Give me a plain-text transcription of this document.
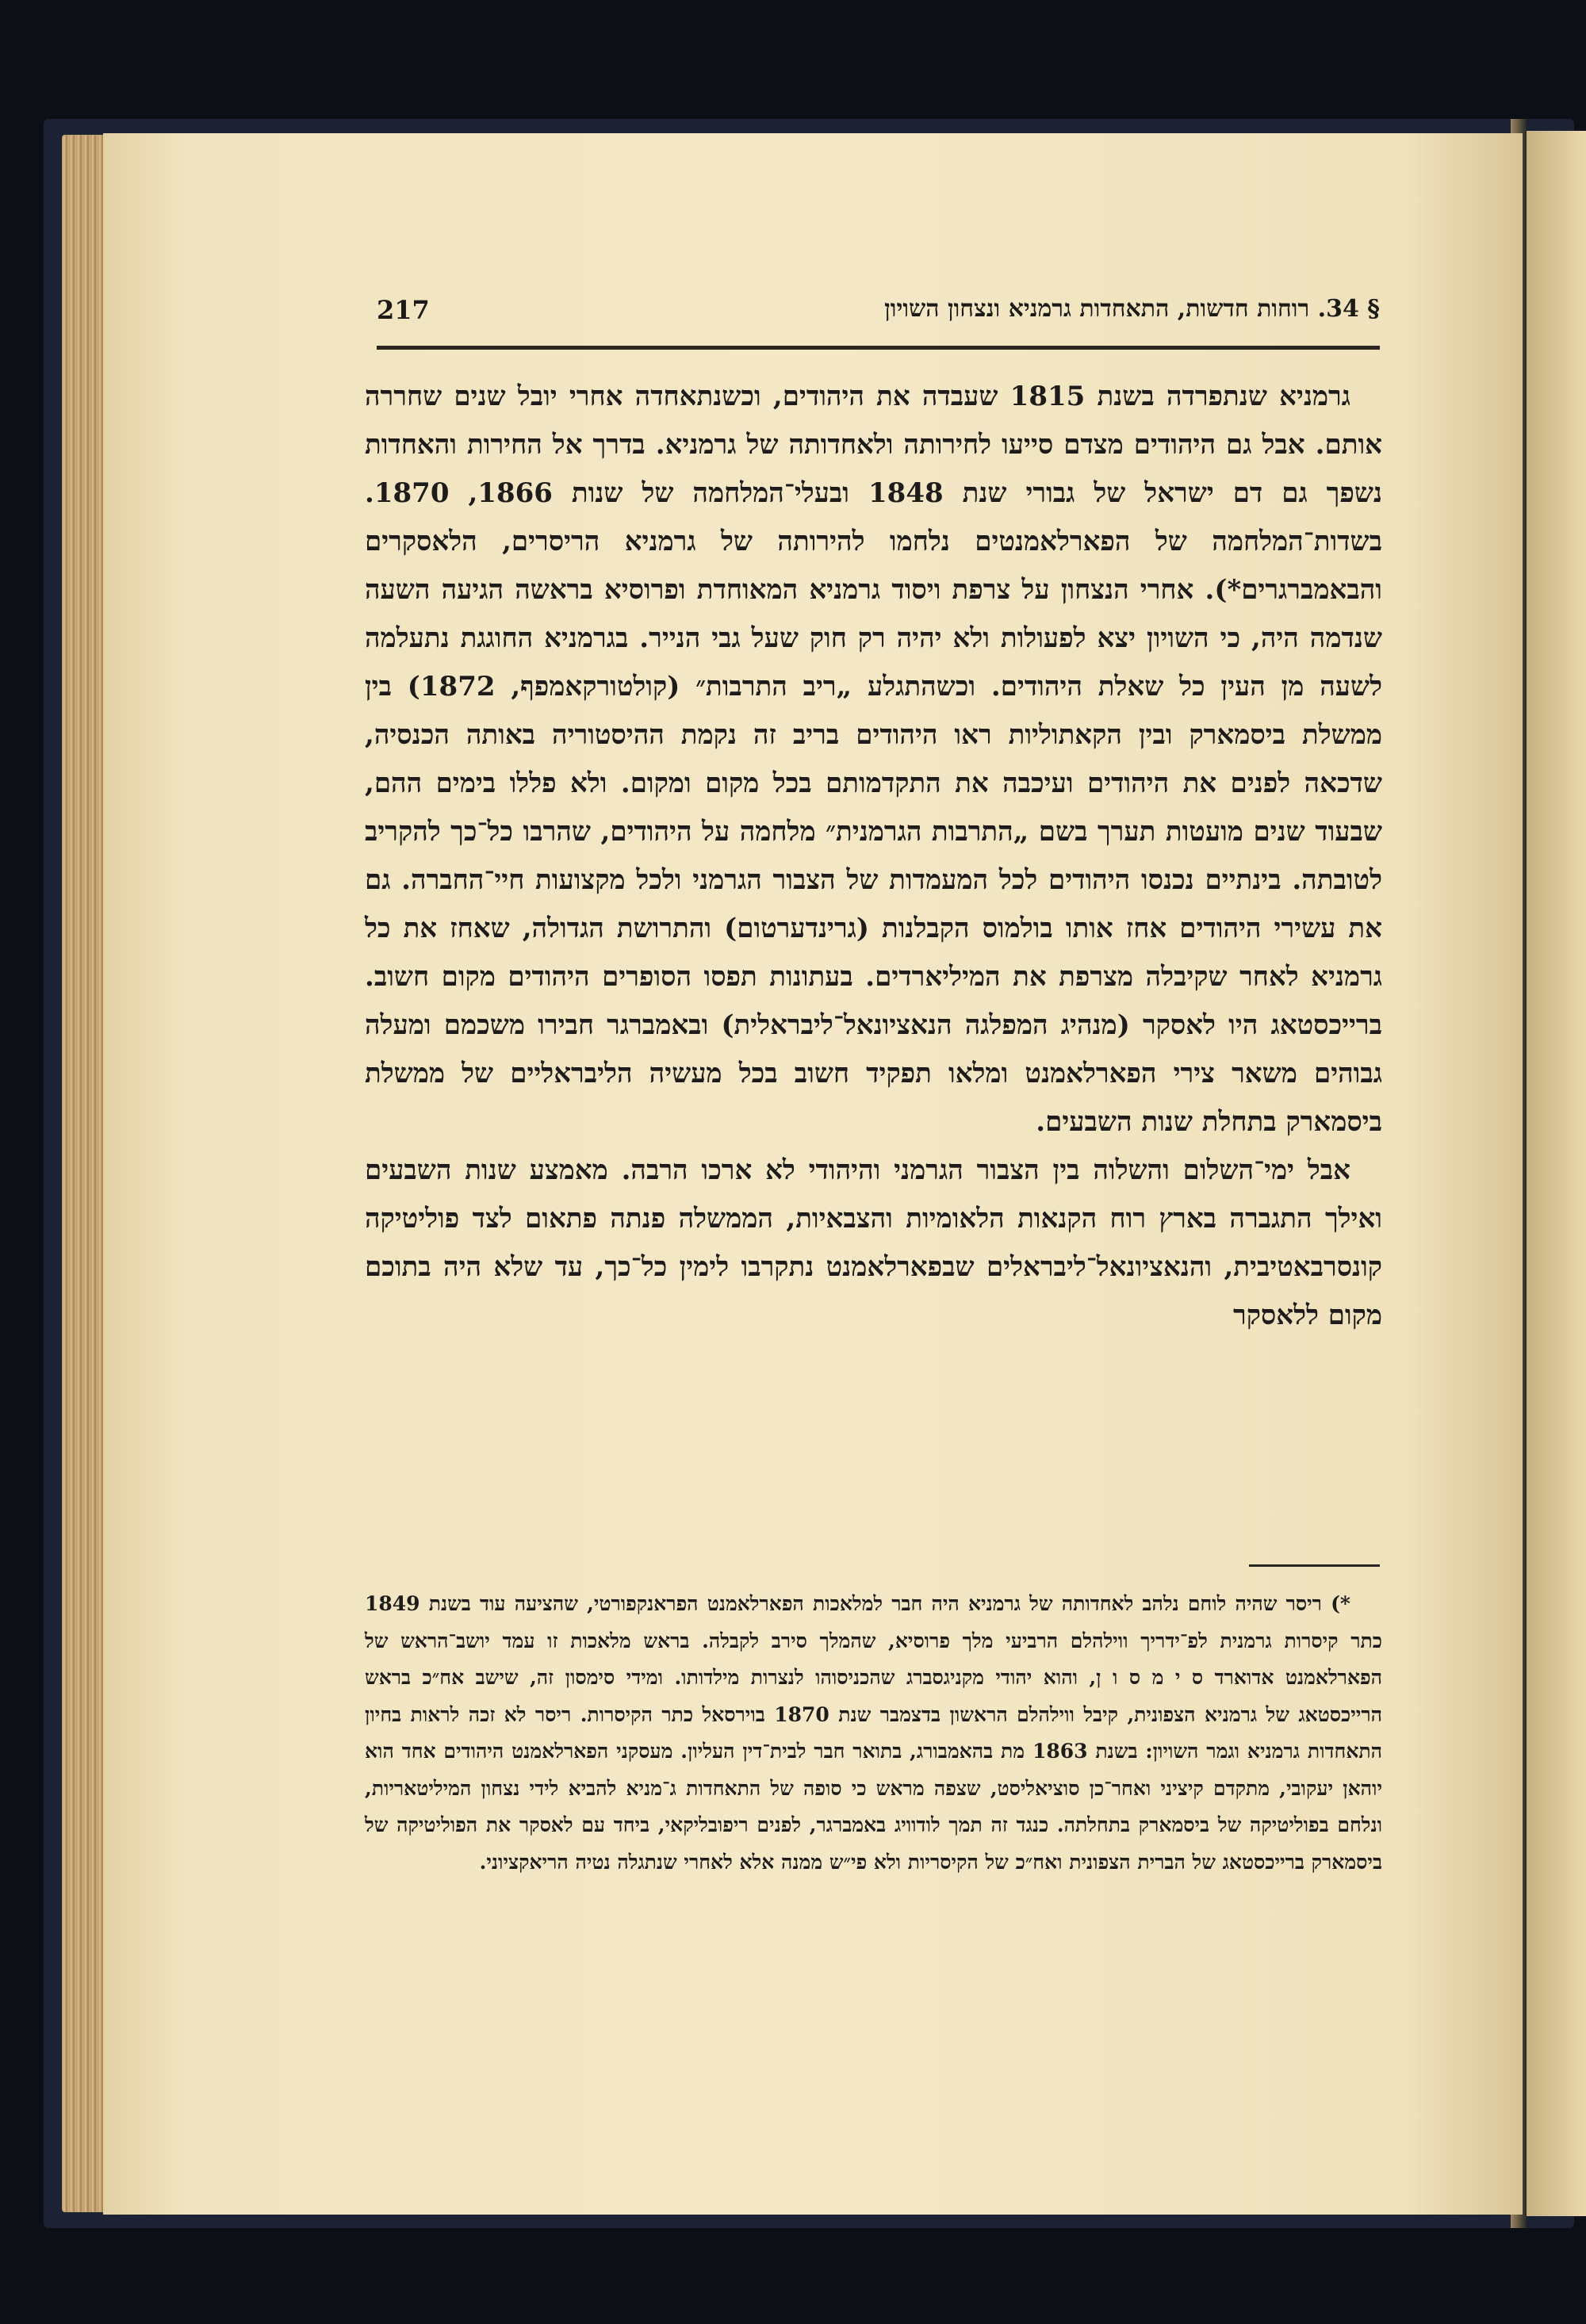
§ 34. רוחות חדשות, התאחדות גרמניא ונצחון השויון
217

גרמניא שנתפרדה בשנת 1815 שעבדה את היהודים, וכשנתאחדה אחרי יובל שנים שחררה אותם. אבל גם היהודים מצדם סייעו לחירותה ולאחדותה של גרמניא. בדרך אל החירות והאחדות נשפך גם דם ישראל של גבורי שנת 1848 ובעלי־המלחמה של שנות 1866, 1870. בשדות־המלחמה של הפארלאמנטים נלחמו להירותה של גרמניא הריסרים, הלאסקרים והבאמברגרים*). אחרי הנצחון על צרפת ויסוד גרמניא המאוחדת ופרוסיא בראשה הגיעה השעה שנדמה היה, כי השויון יצא לפעולות ולא יהיה רק חוק שעל גבי הנייר. בגרמניא החוגגת נתעלמה לשעה מן העין כל שאלת היהודים. וכשהתגלע „ריב התרבות״ (קולטורקאמפף, 1872) בין ממשלת ביסמארק ובין הקאתוליות ראו היהודים בריב זה נקמת ההיסטוריה באותה הכנסיה, שדכאה לפנים את היהודים ועיכבה את התקדמותם בכל מקום ומקום. ולא פללו בימים ההם, שבעוד שנים מועטות תערך בשם „התרבות הגרמנית״ מלחמה על היהודים, שהרבו כל־כך להקריב לטובתה. בינתיים נכנסו היהודים לכל המעמדות של הצבור הגרמני ולכל מקצועות חיי־החברה. גם את עשירי היהודים אחז אותו בולמוס הקבלנות (גרינדערטום) והתרושת הגדולה, שאחז את כל גרמניא לאחר שקיבלה מצרפת את המיליארדים. בעתונות תפסו הסופרים היהודים מקום חשוב. ברייכסטאג היו לאסקר (מנהיג המפלגה הנאציונאל־ליבראלית) ובאמברגר חבירו משכמם ומעלה גבוהים משאר צירי הפארלאמנט ומלאו תפקיד חשוב בכל מעשיה הליבראליים של ממשלת ביסמארק בתחלת שנות השבעים.

אבל ימי־השלום והשלוה בין הצבור הגרמני והיהודי לא ארכו הרבה. מאמצע שנות השבעים ואילך התגברה בארץ רוח הקנאות הלאומיות והצבאיות, הממשלה פנתה פתאום לצד פוליטיקה קונסרבאטיבית, והנאציונאל־ליבראלים שבפארלאמנט נתקרבו לימין כל־כך, עד שלא היה בתוכם מקום ללאסקר

*) ריסר שהיה לוחם נלהב לאחדותה של גרמניא היה חבר למלאכות הפארלאמנט הפראנקפורטי, שהציעה עוד בשנת 1849 כתר קיסרות גרמנית לפ־ידריך ווילהלם הרביעי מלך פרוסיא, שהמלך סירב לקבלה. בראש מלאכות זו עמד יושב־הראש של הפארלאמנט אדוארד ס י מ ס ו ן, והוא יהודי מקניגסברג שהכניסוהו לנצרות מילדותו. ומידי סימסון זה, שישב אח״כ בראש הרייכסטאג של גרמניא הצפונית, קיבל ווילהלם הראשון בדצמבר שנת 1870 בוירסאל כתר הקיסרות. ריסר לא זכה לראות בחיון התאחדות גרמניא וגמר השויון: בשנת 1863 מת בהאמבורג, בתואר חבר לבית־דין העליון. מעסקני הפארלאמנט היהודים אחד הוא יוהאן יעקובי, מתקדם קיציני ואחר־כן סוציאליסט, שצפה מראש כי סופה של התאחדות ג־מניא להביא לידי נצחון המיליטאריות, ונלחם בפוליטיקה של ביסמארק בתחלתה. כנגד זה תמך לודוויג באמברגר, לפנים ריפובליקאי, ביחד עם לאסקר את הפוליטיקה של ביסמארק ברייכסטאג של הברית הצפונית ואח״כ של הקיסריות ולא פי״ש ממנה אלא לאחרי שנתגלה נטיה הריאקציוני.
